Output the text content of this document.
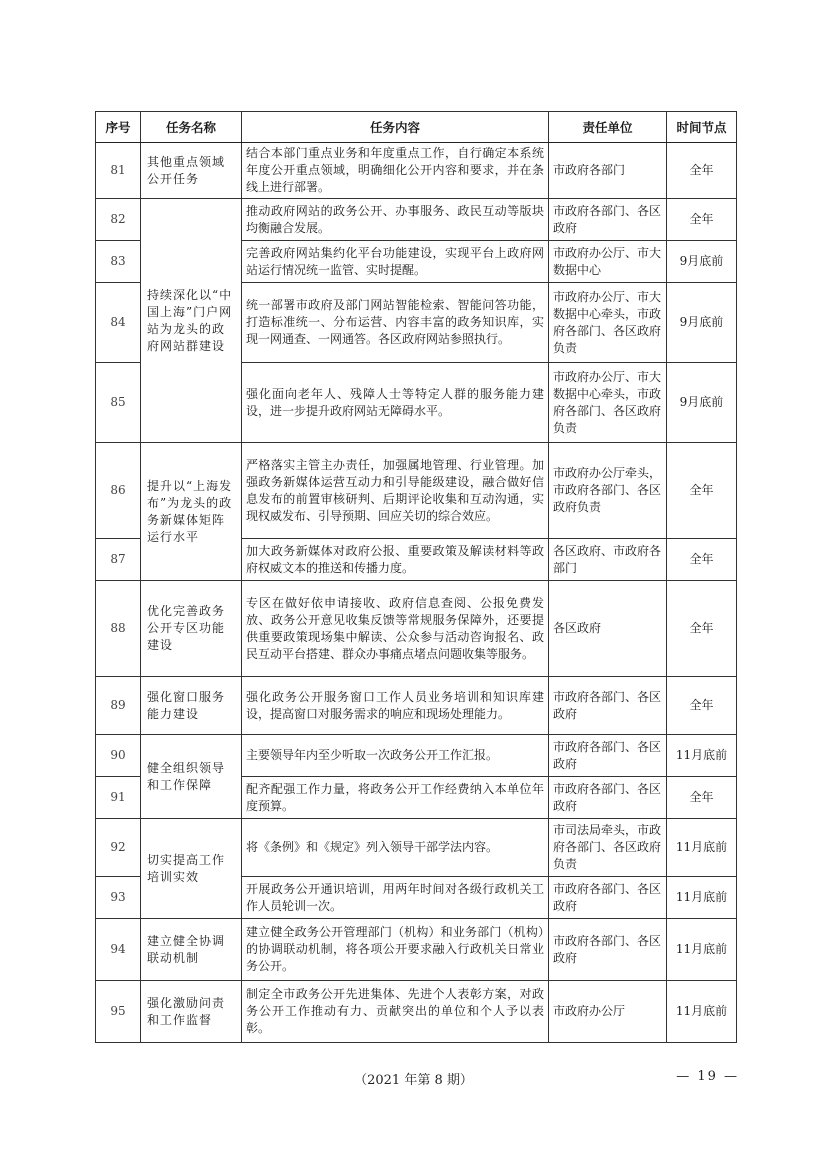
序号	任务名称	任务内容	责任单位	时间节点
81	其他重点领域公开任务	结合本部门重点业务和年度重点工作，自行确定本系统年度公开重点领域，明确细化公开内容和要求，并在条线上进行部署。	市政府各部门	全年
82	持续深化以“中国上海”门户网站为龙头的政府网站群建设	推动政府网站的政务公开、办事服务、政民互动等版块均衡融合发展。	市政府各部门、各区政府	全年
83		完善政府网站集约化平台功能建设，实现平台上政府网站运行情况统一监管、实时提醒。	市政府办公厅、市大数据中心	9月底前
84		统一部署市政府及部门网站智能检索、智能问答功能，打造标准统一、分布运营、内容丰富的政务知识库，实现一网通查、一网通答。各区政府网站参照执行。	市政府办公厅、市大数据中心牵头，市政府各部门、各区政府负责	9月底前
85		强化面向老年人、残障人士等特定人群的服务能力建设，进一步提升政府网站无障碍水平。	市政府办公厅、市大数据中心牵头，市政府各部门、各区政府负责	9月底前
86	提升以“上海发布”为龙头的政务新媒体矩阵运行水平	严格落实主管主办责任，加强属地管理、行业管理。加强政务新媒体运营互动力和引导能级建设，融合做好信息发布的前置审核研判、后期评论收集和互动沟通，实现权威发布、引导预期、回应关切的综合效应。	市政府办公厅牵头，市政府各部门、各区政府负责	全年
87		加大政务新媒体对政府公报、重要政策及解读材料等政府权威文本的推送和传播力度。	各区政府、市政府各部门	全年
88	优化完善政务公开专区功能建设	专区在做好依申请接收、政府信息查阅、公报免费发放、政务公开意见收集反馈等常规服务保障外，还要提供重要政策现场集中解读、公众参与活动咨询报名、政民互动平台搭建、群众办事痛点堵点问题收集等服务。	各区政府	全年
89	强化窗口服务能力建设	强化政务公开服务窗口工作人员业务培训和知识库建设，提高窗口对服务需求的响应和现场处理能力。	市政府各部门、各区政府	全年
90	健全组织领导和工作保障	主要领导年内至少听取一次政务公开工作汇报。	市政府各部门、各区政府	11月底前
91		配齐配强工作力量，将政务公开工作经费纳入本单位年度预算。	市政府各部门、各区政府	全年
92	切实提高工作培训实效	将《条例》和《规定》列入领导干部学法内容。	市司法局牵头，市政府各部门、各区政府负责	11月底前
93		开展政务公开通识培训，用两年时间对各级行政机关工作人员轮训一次。	市政府各部门、各区政府	11月底前
94	建立健全协调联动机制	建立健全政务公开管理部门（机构）和业务部门（机构）的协调联动机制，将各项公开要求融入行政机关日常业务公开。	市政府各部门、各区政府	11月底前
95	强化激励问责和工作监督	制定全市政务公开先进集体、先进个人表彰方案，对政务公开工作推动有力、贡献突出的单位和个人予以表彰。	市政府办公厅	11月底前
（2021 年第 8 期）	— 19 —
